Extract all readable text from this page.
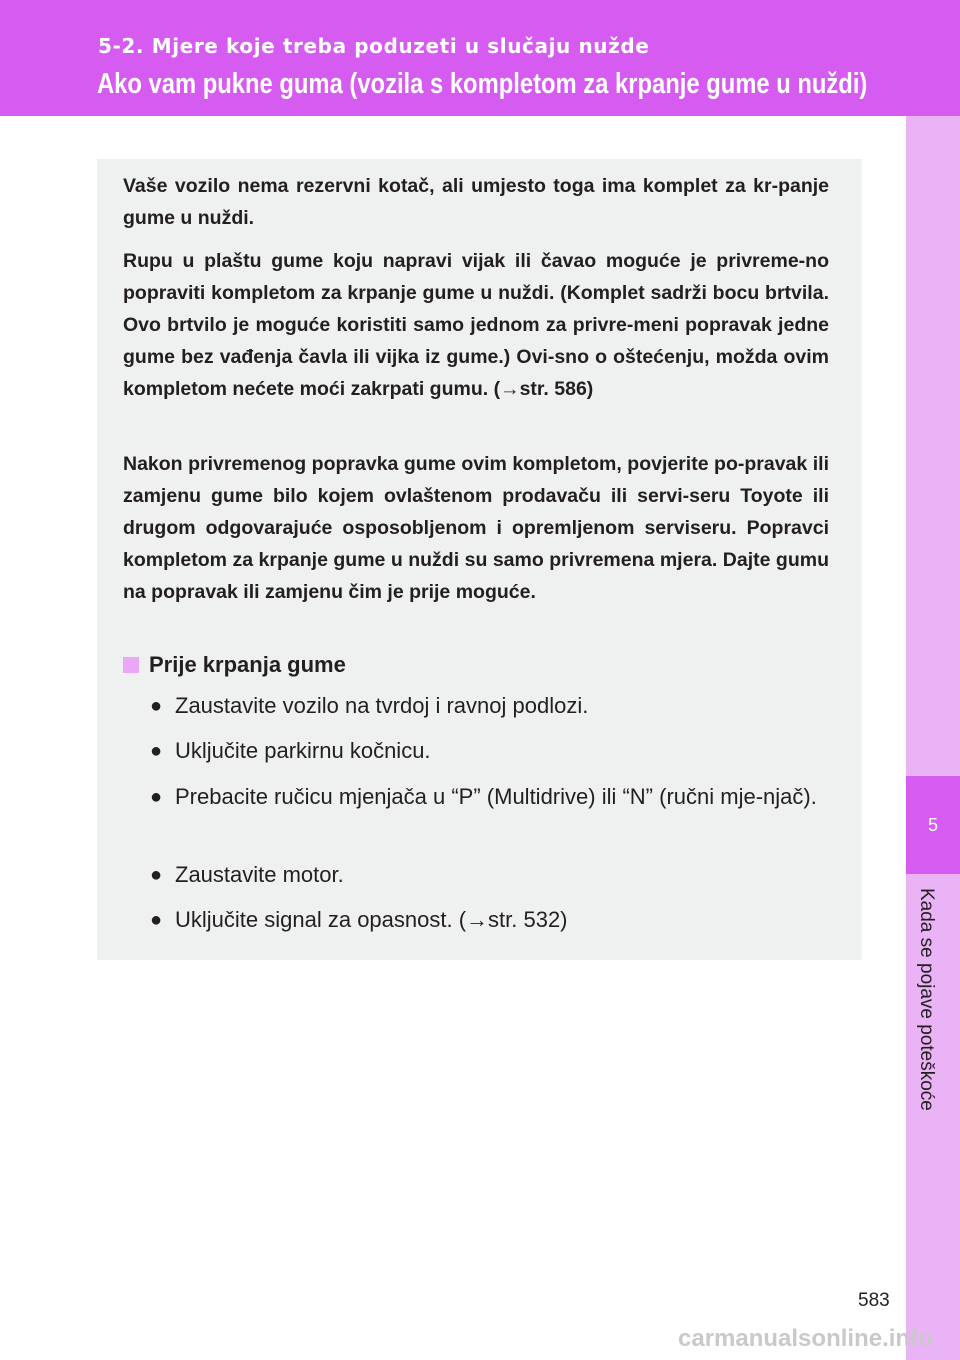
5-2. Mjere koje treba poduzeti u slučaju nužde
Ako vam pukne guma (vozila s kompletom za krpanje gume u nuždi)
5
Kada se pojave poteškoće

Vaše vozilo nema rezervni kotač, ali umjesto toga ima komplet za kr-panje gume u nuždi.

Rupu u plaštu gume koju napravi vijak ili čavao moguće je privreme-no popraviti kompletom za krpanje gume u nuždi. (Komplet sadrži bocu brtvila. Ovo brtvilo je moguće koristiti samo jednom za privre-meni popravak jedne gume bez vađenja čavla ili vijka iz gume.) Ovi-sno o oštećenju, možda ovim kompletom nećete moći zakrpati gumu. (→str. 586)

Nakon privremenog popravka gume ovim kompletom, povjerite po-pravak ili zamjenu gume bilo kojem ovlaštenom prodavaču ili servi-seru Toyote ili drugom odgovarajuće osposobljenom i opremljenom serviseru. Popravci kompletom za krpanje gume u nuždi su samo privremena mjera. Dajte gumu na popravak ili zamjenu čim je prije moguće.

Prije krpanja gume
● Zaustavite vozilo na tvrdoj i ravnoj podlozi.
● Uključite parkirnu kočnicu.
● Prebacite ručicu mjenjača u “P” (Multidrive) ili “N” (ručni mje-njač).
● Zaustavite motor.
● Uključite signal za opasnost. (→str. 532)
583
carmanualsonline.info
